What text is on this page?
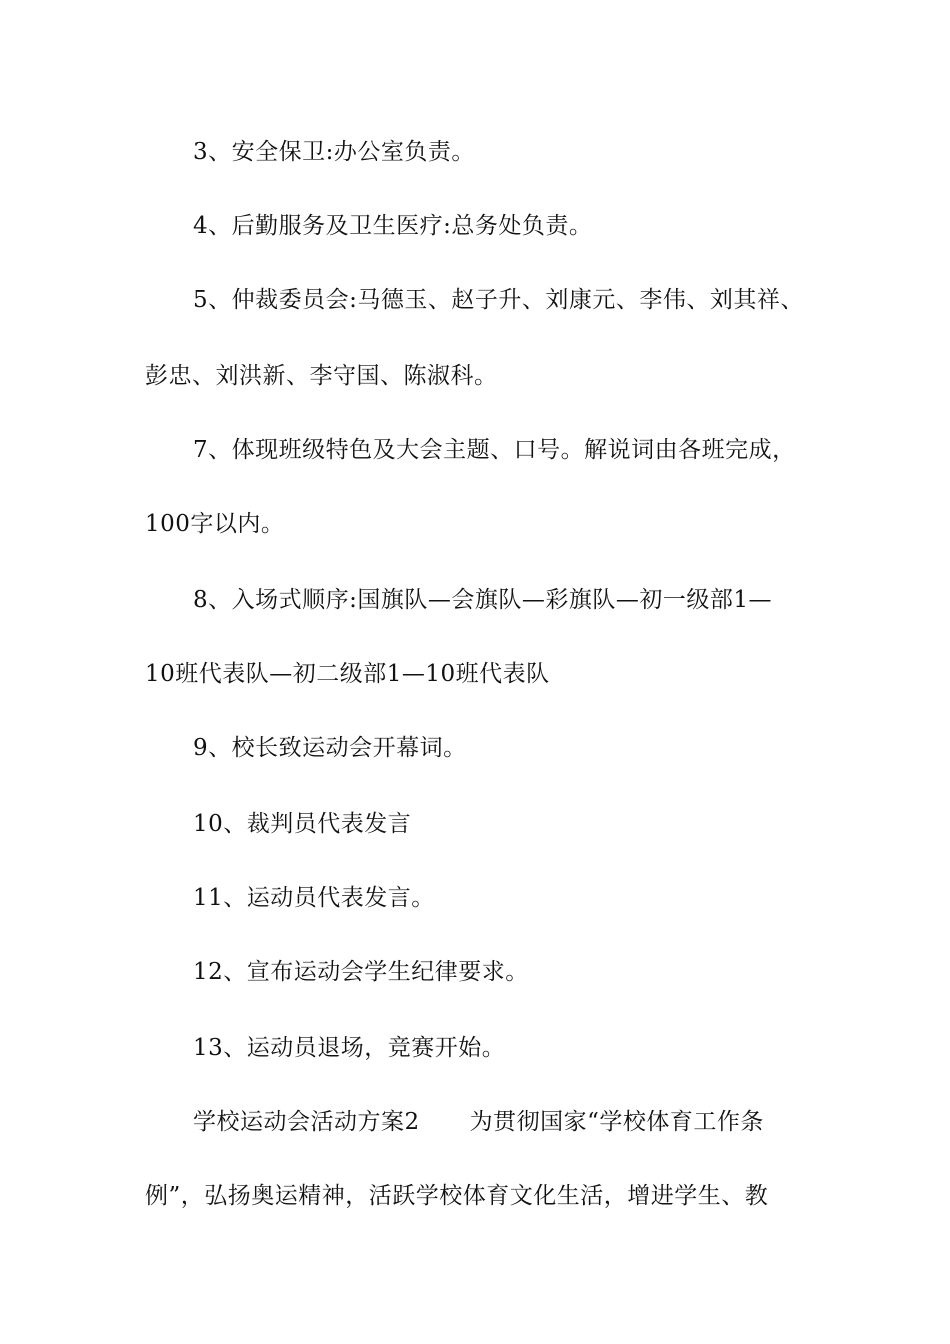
3、安全保卫:办公室负责。
4、后勤服务及卫生医疗:总务处负责。
5、仲裁委员会:马德玉、赵子升、刘康元、李伟、刘其祥、
彭忠、刘洪新、李守国、陈淑科。
7、体现班级特色及大会主题、口号。解说词由各班完成，
100字以内。
8、入场式顺序:国旗队—会旗队—彩旗队—初一级部1—
10班代表队—初二级部1—10班代表队
9、校长致运动会开幕词。
10、裁判员代表发言
11、运动员代表发言。
12、宣布运动会学生纪律要求。
13、运动员退场，竞赛开始。
学校运动会活动方案2 为贯彻国家“学校体育工作条
例”，弘扬奥运精神，活跃学校体育文化生活，增进学生、教
